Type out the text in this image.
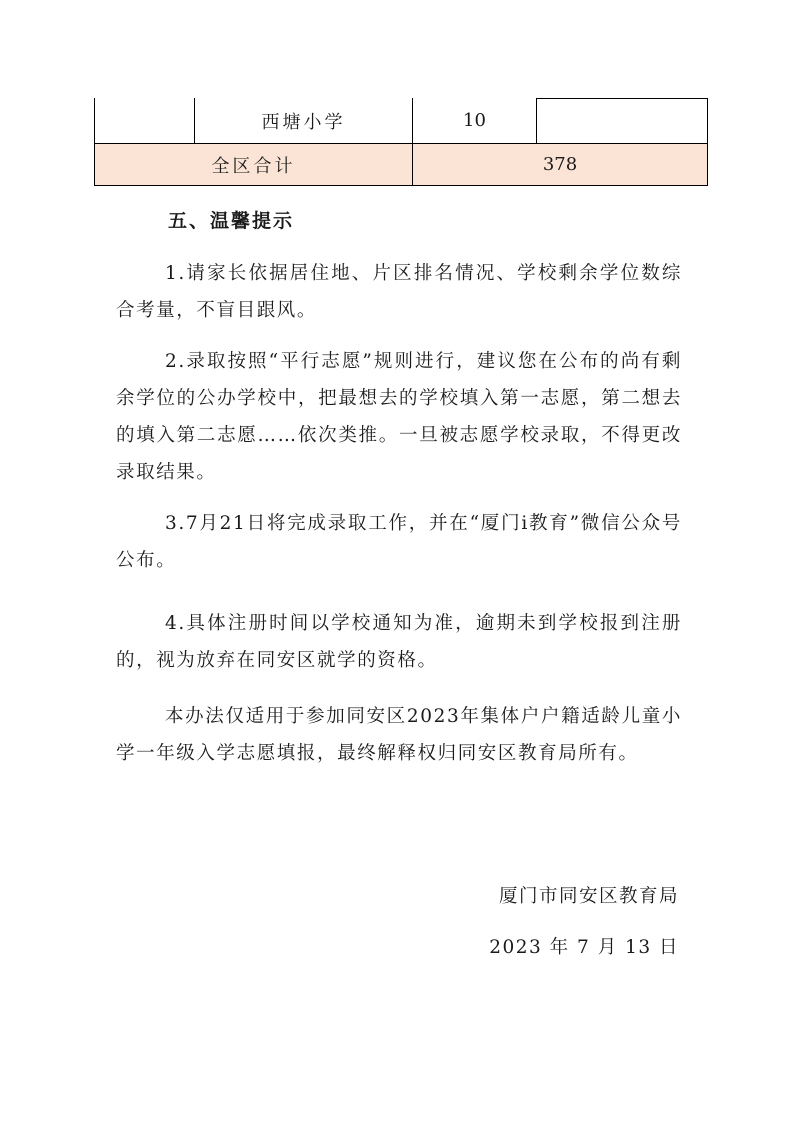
西塘小学	10
全区合计	378
五、温馨提示
1.请家长依据居住地、片区排名情况、学校剩余学位数综合考量，不盲目跟风。
2.录取按照“平行志愿”规则进行，建议您在公布的尚有剩余学位的公办学校中，把最想去的学校填入第一志愿，第二想去的填入第二志愿……依次类推。一旦被志愿学校录取，不得更改录取结果。
3.7月21日将完成录取工作，并在“厦门i教育”微信公众号公布。
4.具体注册时间以学校通知为准，逾期未到学校报到注册的，视为放弃在同安区就学的资格。
本办法仅适用于参加同安区2023年集体户户籍适龄儿童小学一年级入学志愿填报，最终解释权归同安区教育局所有。
厦门市同安区教育局
2023 年 7 月 13 日
